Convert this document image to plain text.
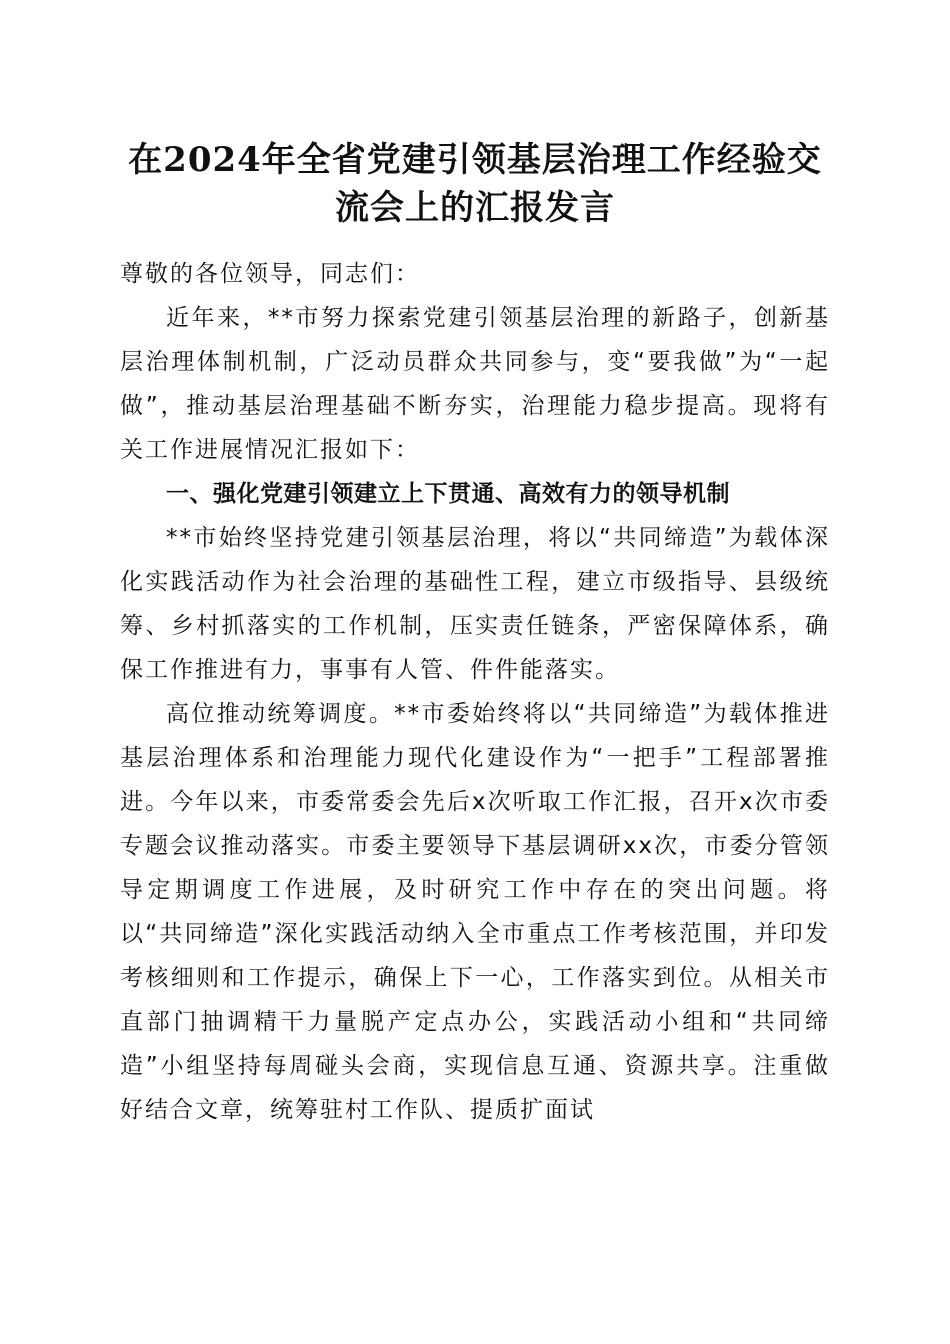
在2024年全省党建引领基层治理工作经验交
流会上的汇报发言

尊敬的各位领导，同志们：

近年来，**市努力探索党建引领基层治理的新路子，创新基层治理体制机制，广泛动员群众共同参与，变“要我做”为“一起做”，推动基层治理基础不断夯实，治理能力稳步提高。现将有关工作进展情况汇报如下：

一、强化党建引领建立上下贯通、高效有力的领导机制

**市始终坚持党建引领基层治理，将以“共同缔造”为载体深化实践活动作为社会治理的基础性工程，建立市级指导、县级统筹、乡村抓落实的工作机制，压实责任链条，严密保障体系，确保工作推进有力，事事有人管、件件能落实。

高位推动统筹调度。**市委始终将以“共同缔造”为载体推进基层治理体系和治理能力现代化建设作为“一把手”工程部署推进。今年以来，市委常委会先后x次听取工作汇报，召开x次市委专题会议推动落实。市委主要领导下基层调研xx次，市委分管领导定期调度工作进展，及时研究工作中存在的突出问题。将以“共同缔造”深化实践活动纳入全市重点工作考核范围，并印发考核细则和工作提示，确保上下一心，工作落实到位。从相关市直部门抽调精干力量脱产定点办公，实践活动小组和“共同缔造”小组坚持每周碰头会商，实现信息互通、资源共享。注重做好结合文章，统筹驻村工作队、提质扩面试
